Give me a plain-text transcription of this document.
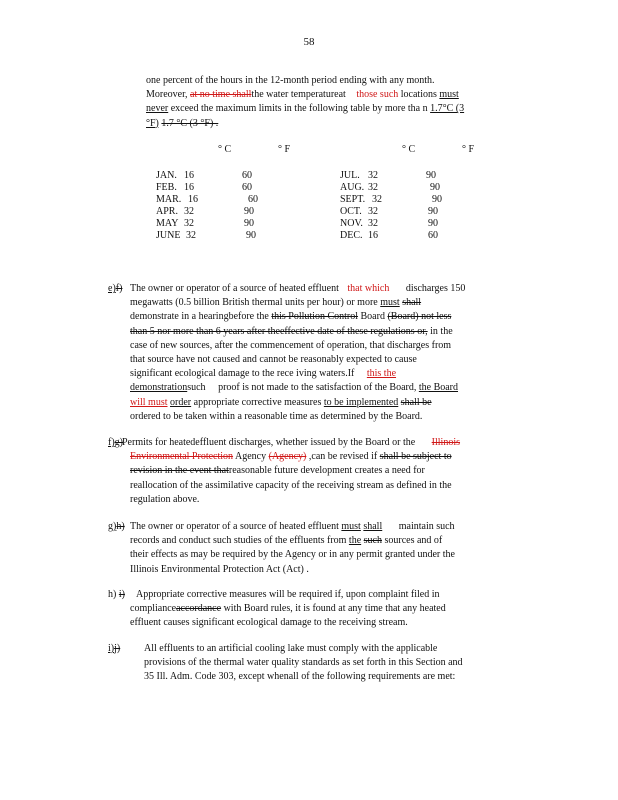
58
one percent of the hours in the 12-month period ending with any month.
Moreover, at no time shallthe water temperatureat those such locations must
never exceed the maximum limits in the following table by more tha n 1.7°C (3
°F) 1.7 °C (3 °F) .
° C	° F	° C	° F
JAN. 16	60
FEB. 16	60
MAR. 16	60
APR. 32	90
MAY 32	90
JUNE 32	90
JUL. 32	90
AUG. 32	90
SEPT. 32	90
OCT. 32	90
NOV. 32	90
DEC. 16	60
e)f) The owner or operator of a source of heated effluent that which discharges 150
megawatts (0.5 billion British thermal units per hour) or more must shall
demonstrate in a hearingbefore the this Pollution Control Board (Board) not less
than 5 nor more than 6 years after theeffective date of these regulations or, in the
case of new sources, after the commencement of operation, that discharges from
that source have not caused and cannot be reasonably expected to cause
significant ecological damage to the rece iving waters.If this the
demonstrationsuch proof is not made to the satisfaction of the Board, the Board
will must order appropriate corrective measures to be implemented shall be
ordered to be taken within a reasonable time as determined by the Board.
f)g)
Permits for heatedeffluent discharges, whether issued by the Board or the Illinois
Environmental Protection Agency (Agency) ,can be revised if shall be subject to
revision in the event thatreasonable future development creates a need for
reallocation of the assimilative capacity of the receiving stream as defined in the
regulation above.
g)h) The owner or operator of a source of heated effluent must shall maintain such
records and conduct such studies of the effluents from the such sources and of
their effects as may be required by the Agency or in any permit granted under the
Illinois Environmental Protection Act (Act) .
h) i) Appropriate corrective measures will be required if, upon complaint filed in
complianceaccordance with Board rules, it is found at any time that any heated
effluent causes significant ecological damage to the receiving stream.
i)j) All effluents to an artificial cooling lake must comply with the applicable
provisions of the thermal water quality standards as set forth in this Section and
35 Ill. Adm. Code 303, except whenall of the following requirements are met:
